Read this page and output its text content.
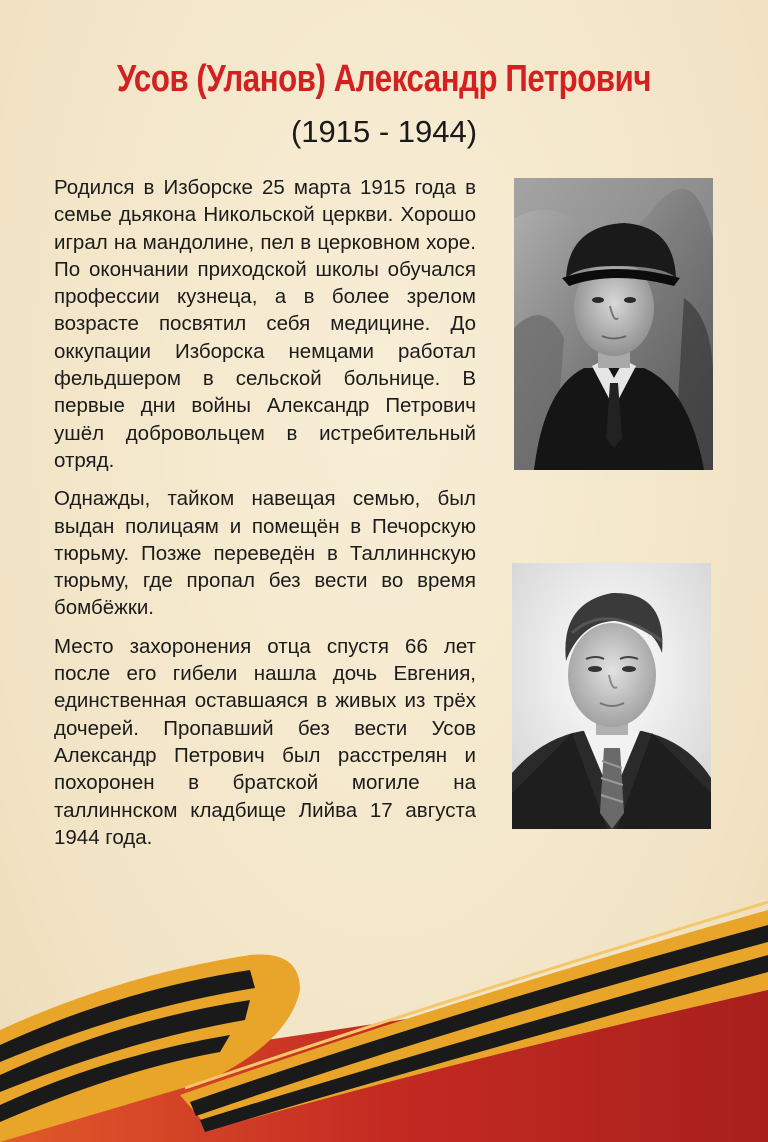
Усов (Уланов) Александр Петрович
(1915 - 1944)

Родился в Изборске 25 марта 1915 года в семье дьякона Никольской церкви. Хорошо играл на мандолине, пел в церковном хоре. По окончании приходской школы обучался профессии кузнеца, а в более зрелом возрасте посвятил себя медицине. До оккупации Изборска немцами работал фельдшером в сельской больнице. В первые дни войны Александр Петрович ушёл добровольцем в истребительный отряд.

Однажды, тайком навещая семью, был выдан полицаям и помещён в Печорскую тюрьму. Позже переведён в Таллиннскую тюрьму, где пропал без вести во время бомбёжки.

Место захоронения отца спустя 66 лет после его гибели нашла дочь Евгения, единственная оставшаяся в живых из трёх дочерей. Пропавший без вести Усов Александр Петрович был расстрелян и похоронен в братской могиле на таллиннском кладбище Лийва 17 августа 1944 года.
